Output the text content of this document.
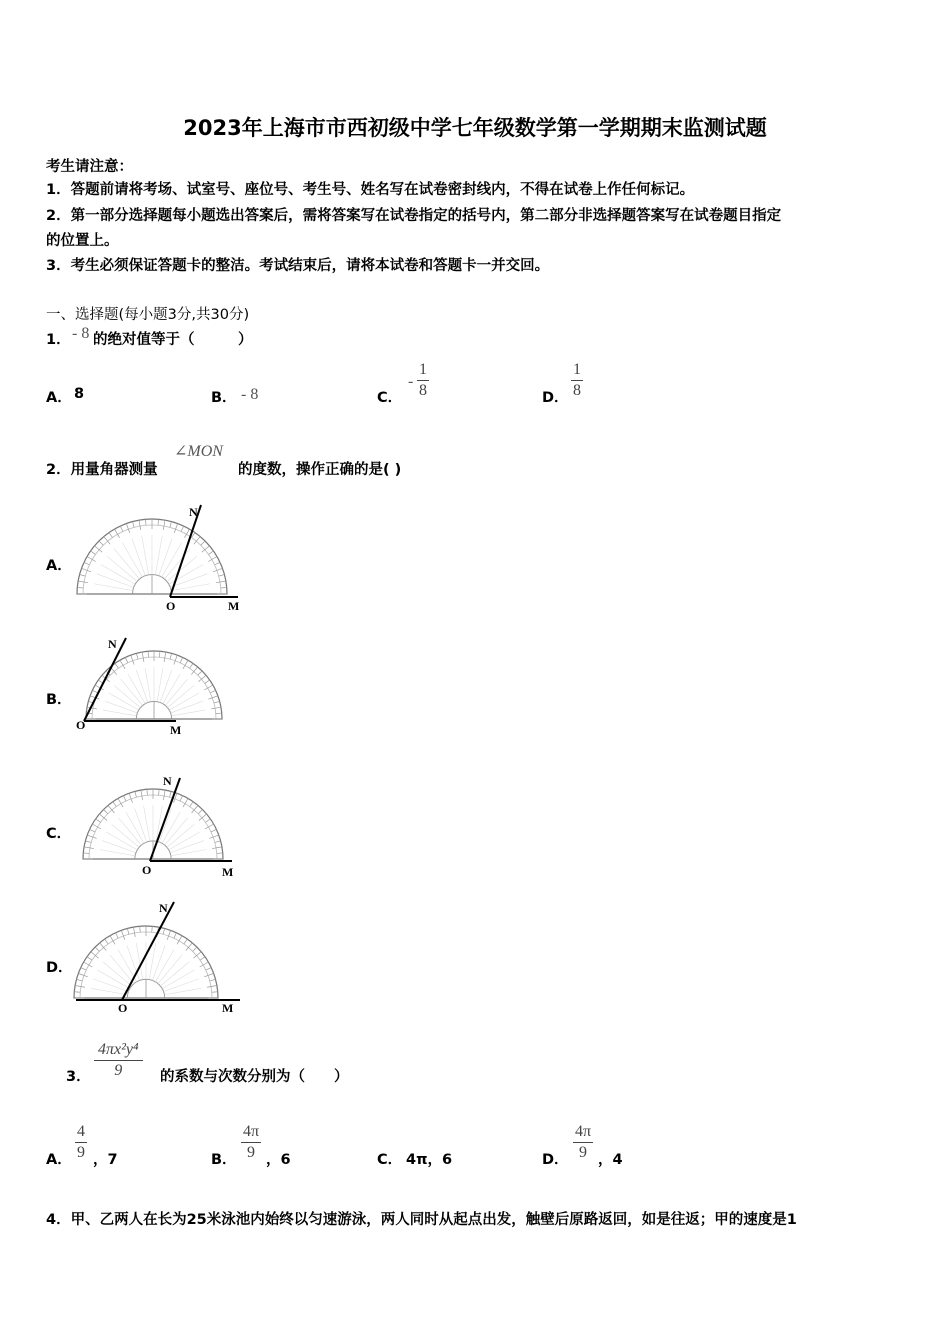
2023年上海市市西初级中学七年级数学第一学期期末监测试题
考生请注意：
1．答题前请将考场、试室号、座位号、考生号、姓名写在试卷密封线内，不得在试卷上作任何标记。
2．第一部分选择题每小题选出答案后，需将答案写在试卷指定的括号内，第二部分非选择题答案写在试卷题目指定
的位置上。
3．考生必须保证答题卡的整洁。考试结束后，请将本试卷和答题卡一并交回。
一、选择题(每小题3分,共30分)
1． - 8 的绝对值等于（　　　）
A． 8	B． - 8	C．
- $\frac{1}{8}$	D． $\frac{1}{8}$
2．用量角器测量
∠MON
的度数，操作正确的是( )
A．
O	M
N
B．
O	M
N
C．
O	M
N
D．
O	M
N
3． $\frac{\text{4πx²y⁴}}{9}$ 的系数与次数分别为（　　）
A． $\frac{4}{9}$ ，7	B． $\frac{4\pi}{9}$ ，6	C． 4π，6	D． $\frac{4\pi}{9}$ ，4
4．甲、乙两人在长为25米泳池内始终以匀速游泳，两人同时从起点出发，触壁后原路返回，如是往返；甲的速度是1
